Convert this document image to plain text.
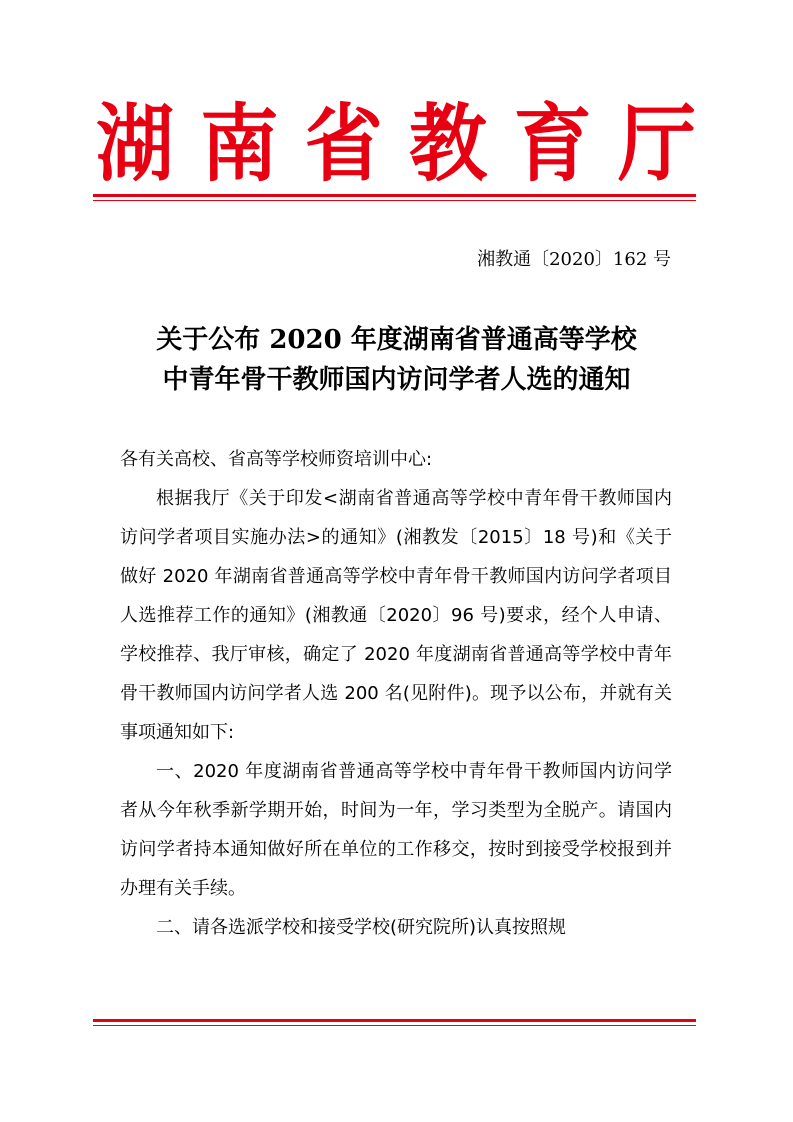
湖 南 省 教 育 厅
湘教通〔2020〕162 号
关于公布 2020 年度湖南省普通高等学校
中青年骨干教师国内访问学者人选的通知
各有关高校、省高等学校师资培训中心:

根据我厅《关于印发<湖南省普通高等学校中青年骨干教师国内访问学者项目实施办法>的通知》(湘教发〔2015〕18 号)和《关于做好 2020 年湖南省普通高等学校中青年骨干教师国内访问学者项目人选推荐工作的通知》(湘教通〔2020〕96 号)要求，经个人申请、学校推荐、我厅审核，确定了 2020 年度湖南省普通高等学校中青年骨干教师国内访问学者人选 200 名(见附件)。现予以公布，并就有关事项通知如下:

一、2020 年度湖南省普通高等学校中青年骨干教师国内访问学者从今年秋季新学期开始，时间为一年，学习类型为全脱产。请国内访问学者持本通知做好所在单位的工作移交，按时到接受学校报到并办理有关手续。

二、请各选派学校和接受学校(研究院所)认真按照规
